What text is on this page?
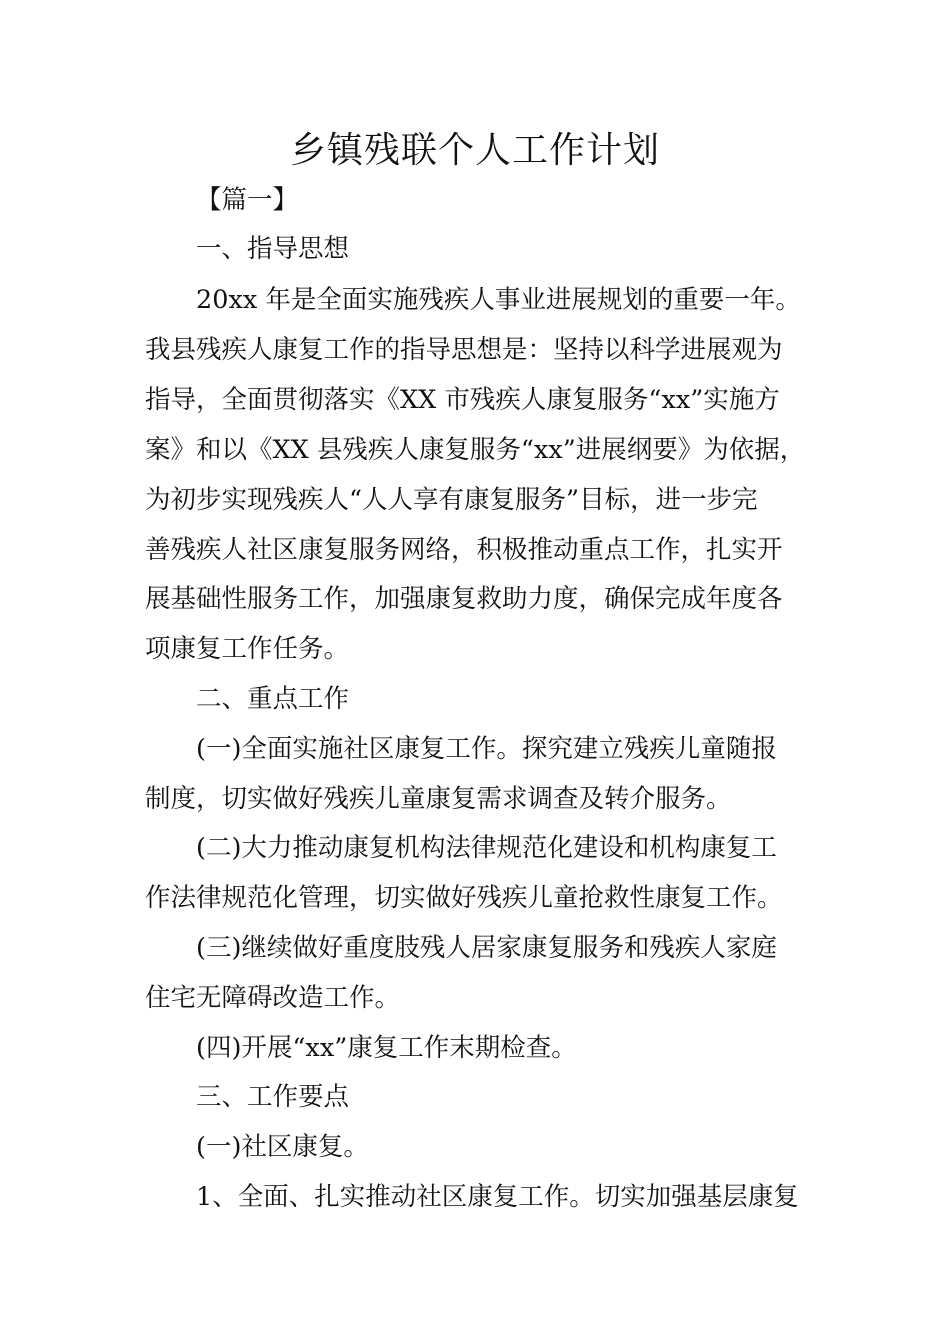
乡镇残联个人工作计划
【篇一】
一、指导思想
20xx 年是全面实施残疾人事业进展规划的重要一年。
我县残疾人康复工作的指导思想是：坚持以科学进展观为
指导，全面贯彻落实《XX 市残疾人康复服务“xx”实施方
案》和以《XX 县残疾人康复服务“xx”进展纲要》为依据，
为初步实现残疾人“人人享有康复服务”目标，进一步完
善残疾人社区康复服务网络，积极推动重点工作，扎实开
展基础性服务工作，加强康复救助力度，确保完成年度各
项康复工作任务。
二、重点工作
(一)全面实施社区康复工作。探究建立残疾儿童随报
制度，切实做好残疾儿童康复需求调查及转介服务。
(二)大力推动康复机构法律规范化建设和机构康复工
作法律规范化管理，切实做好残疾儿童抢救性康复工作。
(三)继续做好重度肢残人居家康复服务和残疾人家庭
住宅无障碍改造工作。
(四)开展“xx”康复工作末期检查。
三、工作要点
(一)社区康复。
1、全面、扎实推动社区康复工作。切实加强基层康复
